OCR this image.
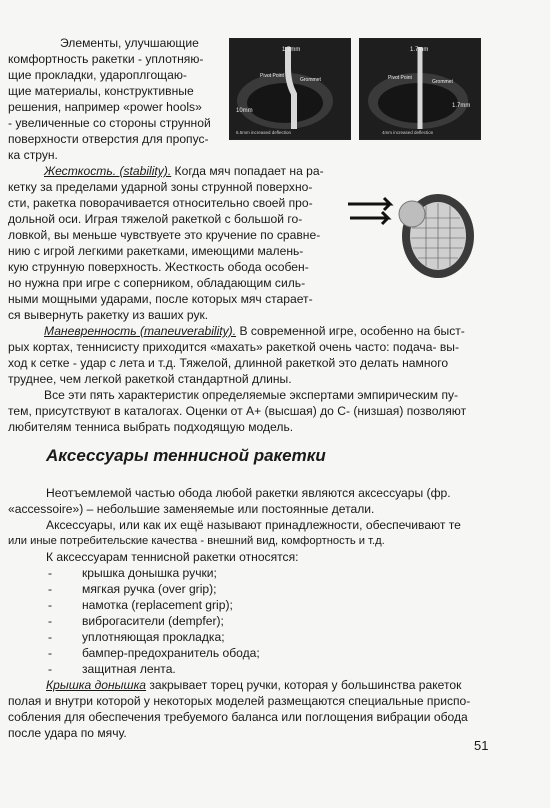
1.7mm
Pivot Point
Grommet
10mm
6.5mm increased deflection
1.7mm
Pivot Point
Grommet
1.7mm
4mm increased deflection
Элементы, улучшающие
комфортность ракетки - уплотняю-
щие прокладки, удароплгощаю-
щие материалы, конструктивные
решения, например «power hools»
- увеличенные со стороны струнной
поверхности отверстия для пропус-
ка струн.
Жесткость. (stability). Когда мяч попадает на ра-
кетку за пределами ударной зоны струнной поверхно-
сти, ракетка поворачивается относительно своей про-
дольной оси. Играя тяжелой ракеткой с большой го-
ловкой, вы меньше чувствуете это кручение по сравне-
нию с игрой легкими ракетками, имеющими малень-
кую струнную поверхность. Жесткость обода особен-
но нужна при игре с соперником, обладающим силь-
ными мощными ударами, после которых мяч старает-
ся вывернуть ракетку из ваших рук.
Маневренность (maneuverability). В современной игре, особенно на быст-
рых кортах, теннисисту приходится «махать» ракеткой очень часто: подача- вы-
ход к сетке - удар с лета и т.д. Тяжелой, длинной ракеткой это делать намного
труднее, чем легкой ракеткой стандартной длины.
Все эти пять характеристик определяемые экспертами эмпирическим пу-
тем, присутствуют в каталогах. Оценки от А+ (высшая) до С- (низшая) позволяют
любителям тенниса выбрать подходящую модель.
Аксессуары теннисной ракетки
Неотъемлемой частью обода любой ракетки являются аксессуары (фр.
«accessoire») – небольшие заменяемые или постоянные детали.
Аксессуары, или как их ещё называют принадлежности, обеспечивают те
или иные потребительские качества - внешний вид, комфортность и т.д.
К аксессуарам теннисной ракетки относятся:
- крышка донышка ручки;
- мягкая ручка (over grip);
- намотка (replacement grip);
- виброгасители (dempfer);
- уплотняющая прокладка;
- бампер-предохранитель обода;
- защитная лента.
Крышка донышка закрывает торец ручки, которая у большинства ракеток
полая и внутри которой у некоторых моделей размещаются специальные приспо-
собления для обеспечения требуемого баланса или поглощения вибрации обода
после удара по мячу.
51
